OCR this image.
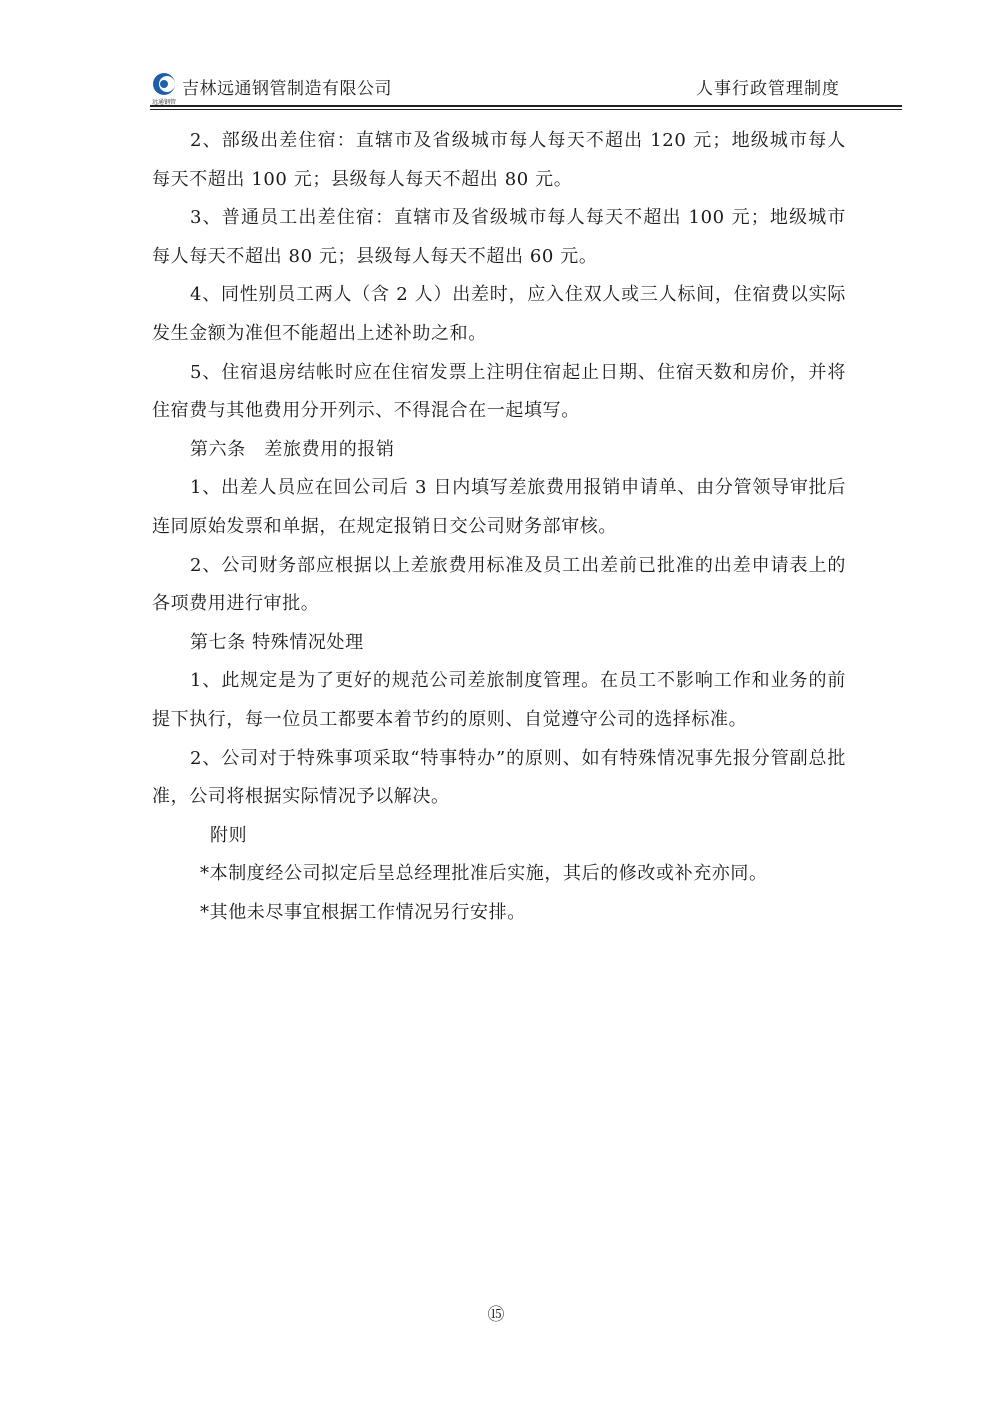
远通钢管
吉林远通钢管制造有限公司	人事行政管理制度

2、部级出差住宿：直辖市及省级城市每人每天不超出 120 元；地级城市每人每天不超出 100 元；县级每人每天不超出 80 元。

3、普通员工出差住宿：直辖市及省级城市每人每天不超出 100 元；地级城市每人每天不超出 80 元；县级每人每天不超出 60 元。

4、同性别员工两人（含 2 人）出差时，应入住双人或三人标间，住宿费以实际发生金额为准但不能超出上述补助之和。

5、住宿退房结帐时应在住宿发票上注明住宿起止日期、住宿天数和房价，并将住宿费与其他费用分开列示、不得混合在一起填写。

第六条　差旅费用的报销

1、出差人员应在回公司后 3 日内填写差旅费用报销申请单、由分管领导审批后连同原始发票和单据，在规定报销日交公司财务部审核。

2、公司财务部应根据以上差旅费用标准及员工出差前已批准的出差申请表上的各项费用进行审批。

第七条 特殊情况处理

1、此规定是为了更好的规范公司差旅制度管理。在员工不影响工作和业务的前提下执行，每一位员工都要本着节约的原则、自觉遵守公司的选择标准。

2、公司对于特殊事项采取“特事特办”的原则、如有特殊情况事先报分管副总批准，公司将根据实际情况予以解决。

附则

*本制度经公司拟定后呈总经理批准后实施，其后的修改或补充亦同。

*其他未尽事宜根据工作情况另行安排。

⑮
